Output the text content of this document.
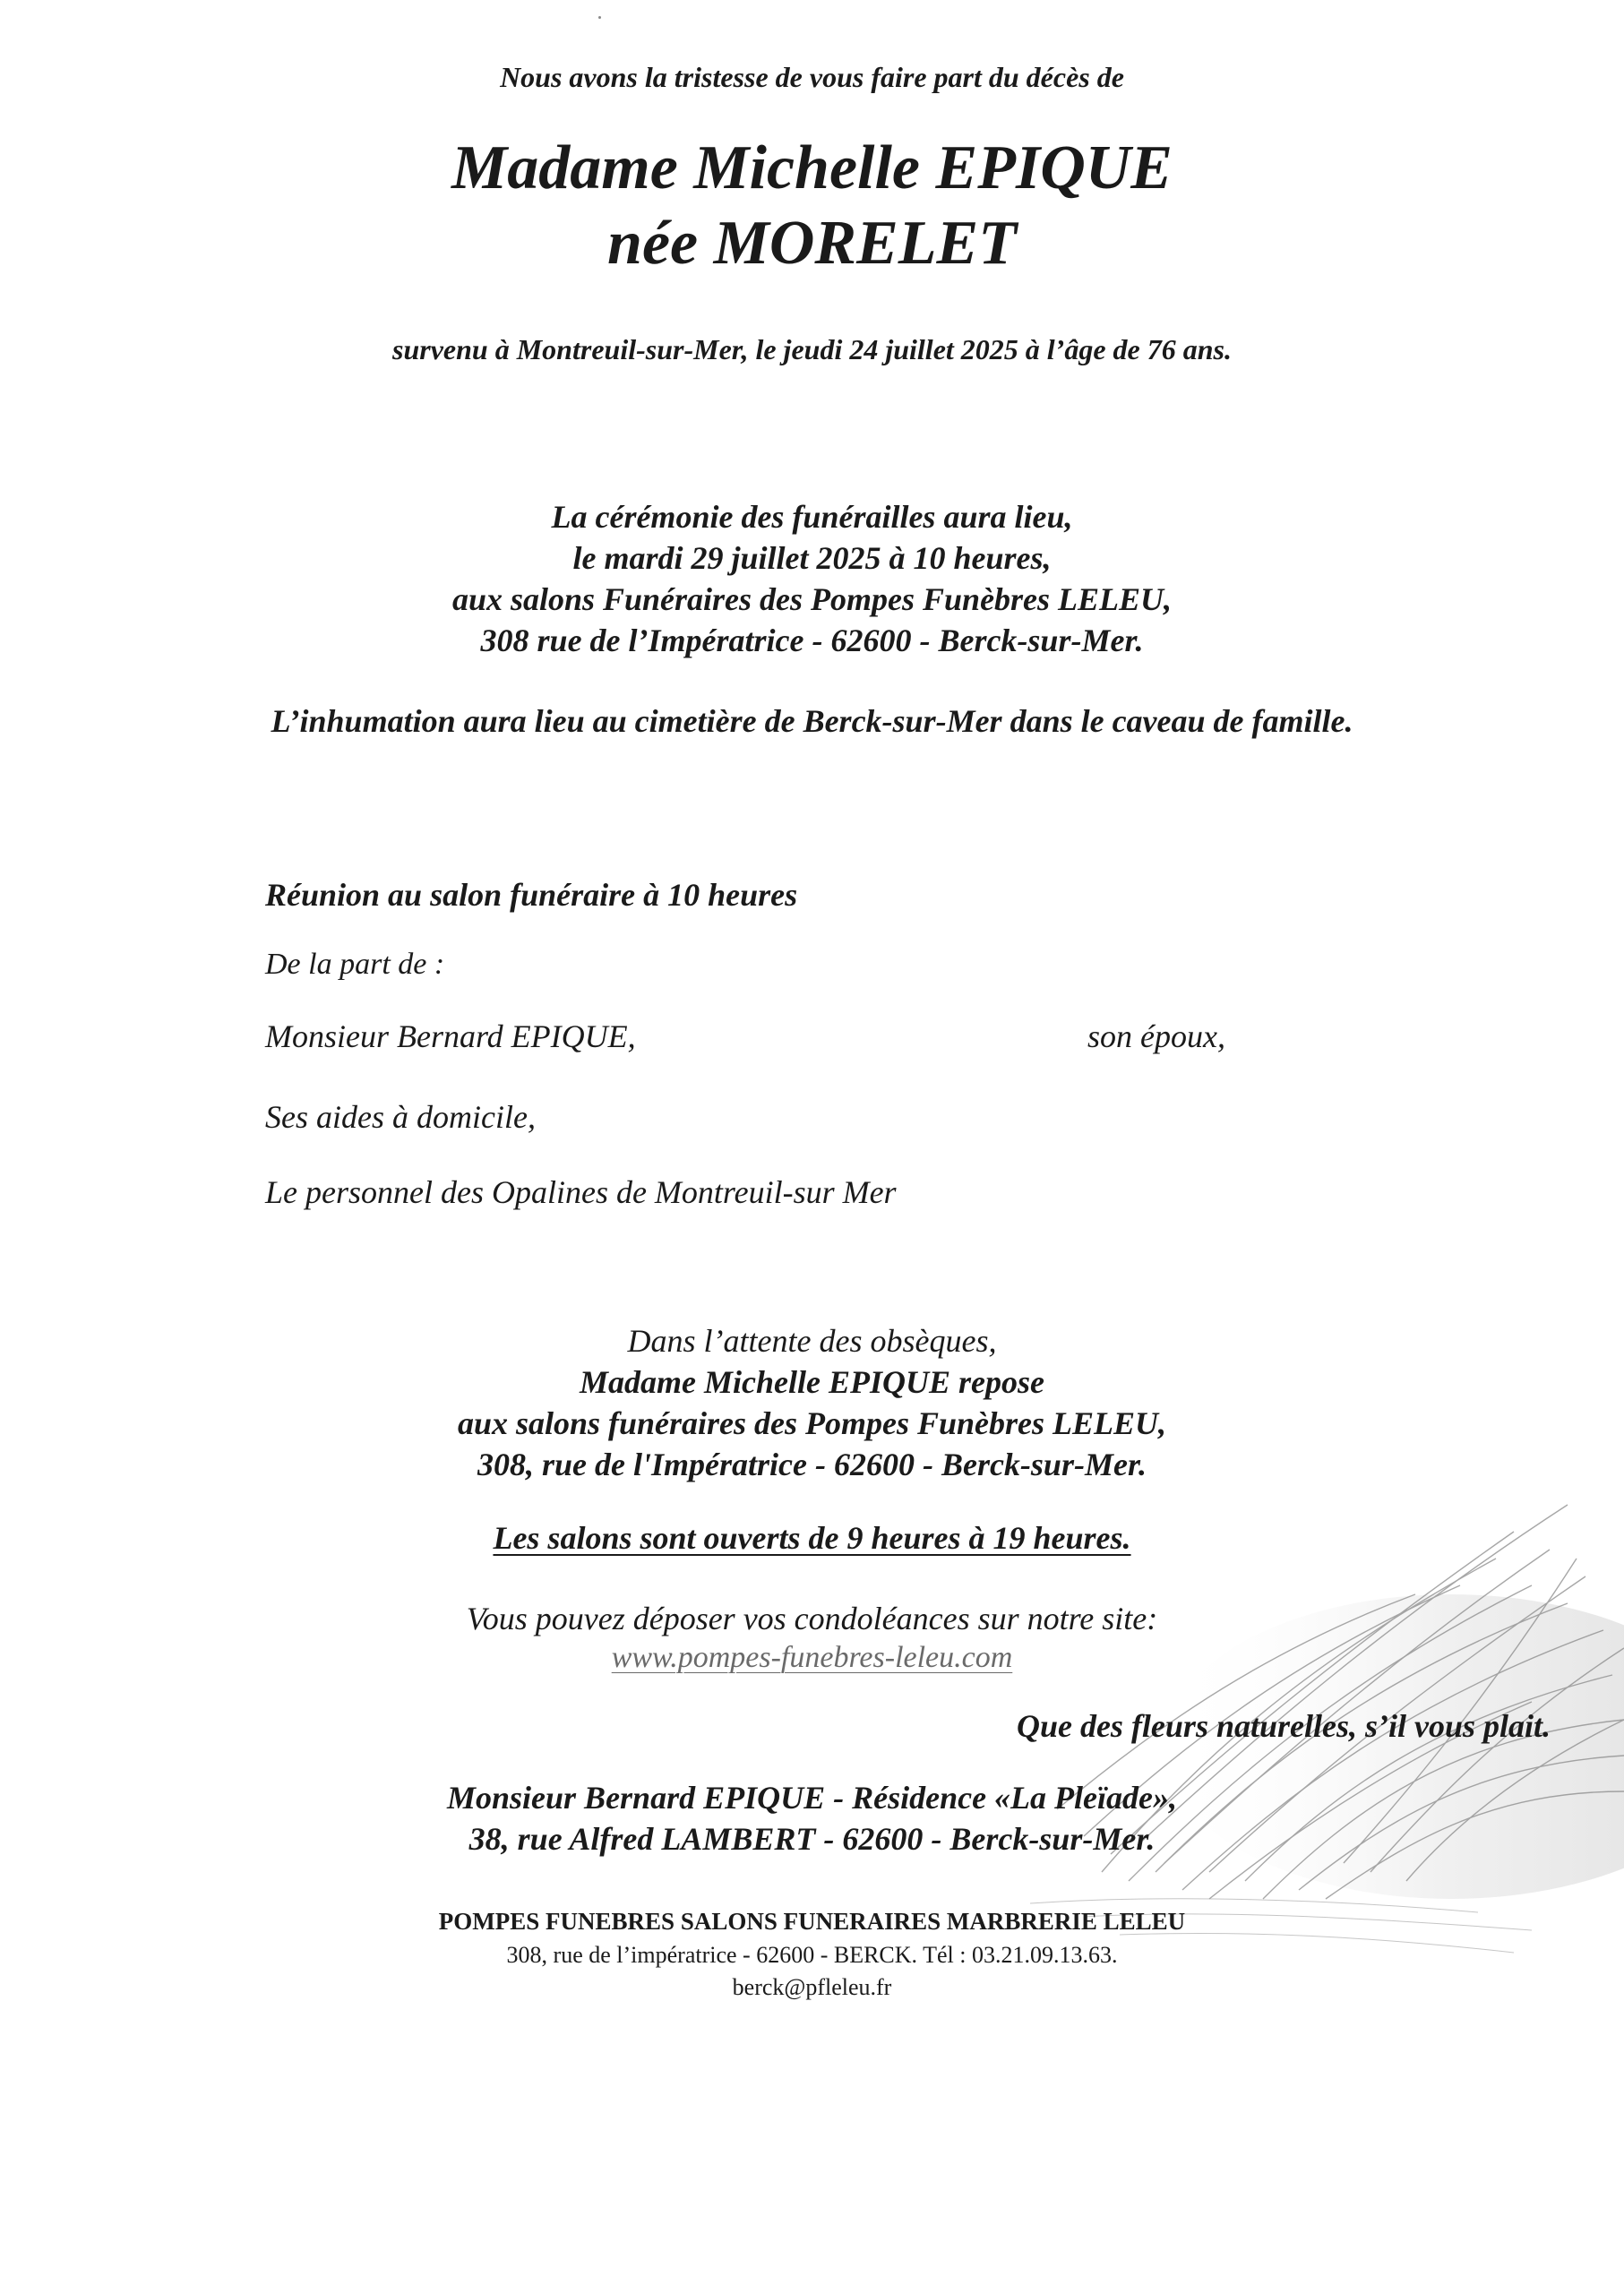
Nous avons la tristesse de vous faire part du décès de
Madame Michelle EPIQUE
née MORELET
survenu à Montreuil-sur-Mer, le jeudi 24 juillet 2025 à l’âge de 76 ans.
La cérémonie des funérailles aura lieu,
le mardi 29 juillet 2025 à 10 heures,
aux salons Funéraires des Pompes Funèbres LELEU,
308 rue de l’Impératrice - 62600 - Berck-sur-Mer.
L’inhumation aura lieu au cimetière de Berck-sur-Mer dans le caveau de famille.
Réunion au salon funéraire à 10 heures
De la part de :
Monsieur Bernard EPIQUE,	son époux,
Ses aides à domicile,
Le personnel des Opalines de Montreuil-sur Mer
Dans l’attente des obsèques,
Madame Michelle EPIQUE repose
aux salons funéraires des Pompes Funèbres LELEU,
308, rue de l'Impératrice - 62600 - Berck-sur-Mer.
Les salons sont ouverts de 9 heures à 19 heures.
Vous pouvez déposer vos condoléances sur notre site:
www.pompes-funebres-leleu.com
Que des fleurs naturelles, s’il vous plait.
Monsieur Bernard EPIQUE - Résidence «La Pleïade»,
38, rue Alfred LAMBERT - 62600 - Berck-sur-Mer.
POMPES FUNEBRES SALONS FUNERAIRES MARBRERIE LELEU
308, rue de l’impératrice - 62600 - BERCK. Tél : 03.21.09.13.63.
berck@pfleleu.fr
